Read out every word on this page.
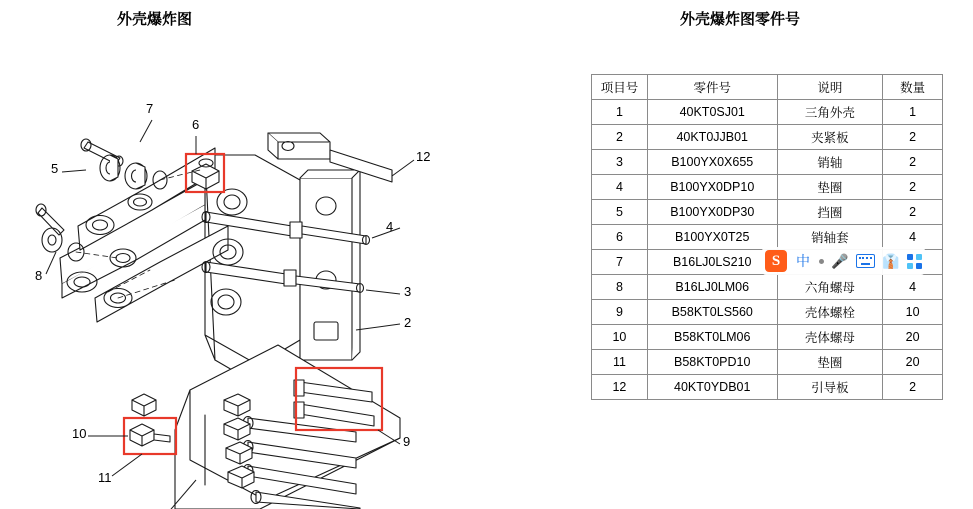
外壳爆炸图	外壳爆炸图零件号
2
3
4
5
6
7
8
9
10
11
12
项目号	零件号	说明	数量
1	40KT0SJ01	三角外壳	1
2	40KT0JJB01	夹紧板	2
3	B100YX0X655	销轴	2
4	B100YX0DP10	垫圈	2
5	B100YX0DP30	挡圈	2
6	B100YX0T25	销轴套	4
7	B16LJ0LS210		
8	B16LJ0LM06	六角螺母	4
9	B58KT0LS560	壳体螺栓	10
10	B58KT0LM06	壳体螺母	20
11	B58KT0PD10	垫圈	20
12	40KT0YDB01	引导板	2
S	中 🎤 👔
